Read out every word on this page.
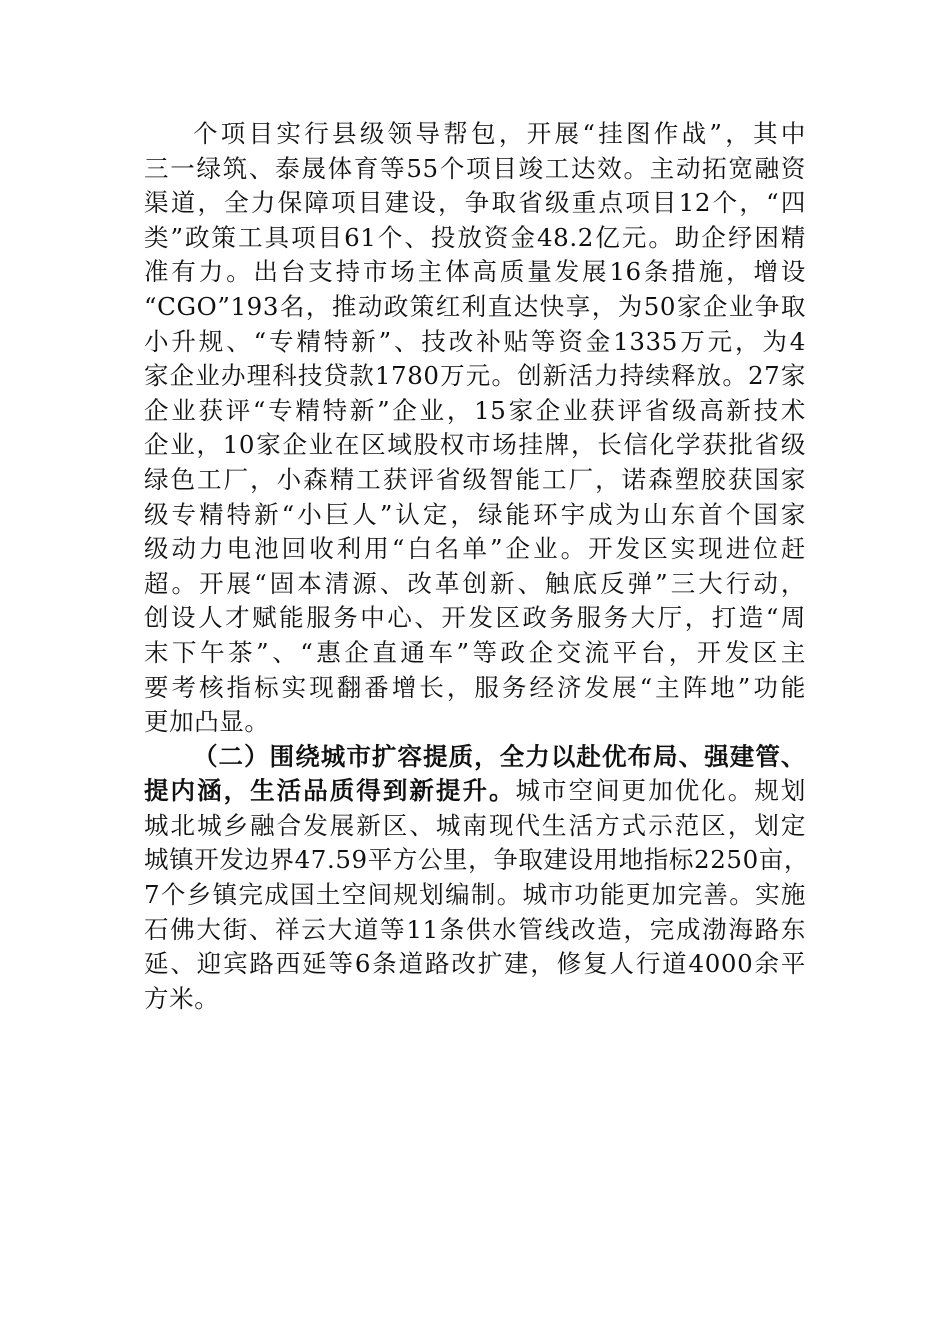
个项目实行县级领导帮包，开展“挂图作战”，其中
三一绿筑、泰晟体育等55个项目竣工达效。主动拓宽融资
渠道，全力保障项目建设，争取省级重点项目12个，“四
类”政策工具项目61个、投放资金48.2亿元。助企纾困精
准有力。出台支持市场主体高质量发展16条措施，增设
“CGO”193名，推动政策红利直达快享，为50家企业争取
小升规、“专精特新”、技改补贴等资金1335万元，为4
家企业办理科技贷款1780万元。创新活力持续释放。27家
企业获评“专精特新”企业，15家企业获评省级高新技术
企业，10家企业在区域股权市场挂牌，长信化学获批省级
绿色工厂，小森精工获评省级智能工厂，诺森塑胶获国家
级专精特新“小巨人”认定，绿能环宇成为山东首个国家
级动力电池回收利用“白名单”企业。开发区实现进位赶
超。开展“固本清源、改革创新、触底反弹”三大行动，
创设人才赋能服务中心、开发区政务服务大厅，打造“周
末下午茶”、“惠企直通车”等政企交流平台，开发区主
要考核指标实现翻番增长，服务经济发展“主阵地”功能
更加凸显。
（二）围绕城市扩容提质，全力以赴优布局、强建管、
提内涵，生活品质得到新提升。城市空间更加优化。规划
城北城乡融合发展新区、城南现代生活方式示范区，划定
城镇开发边界47.59平方公里，争取建设用地指标2250亩，
7个乡镇完成国土空间规划编制。城市功能更加完善。实施
石佛大街、祥云大道等11条供水管线改造，完成渤海路东
延、迎宾路西延等6条道路改扩建，修复人行道4000余平
方米。
